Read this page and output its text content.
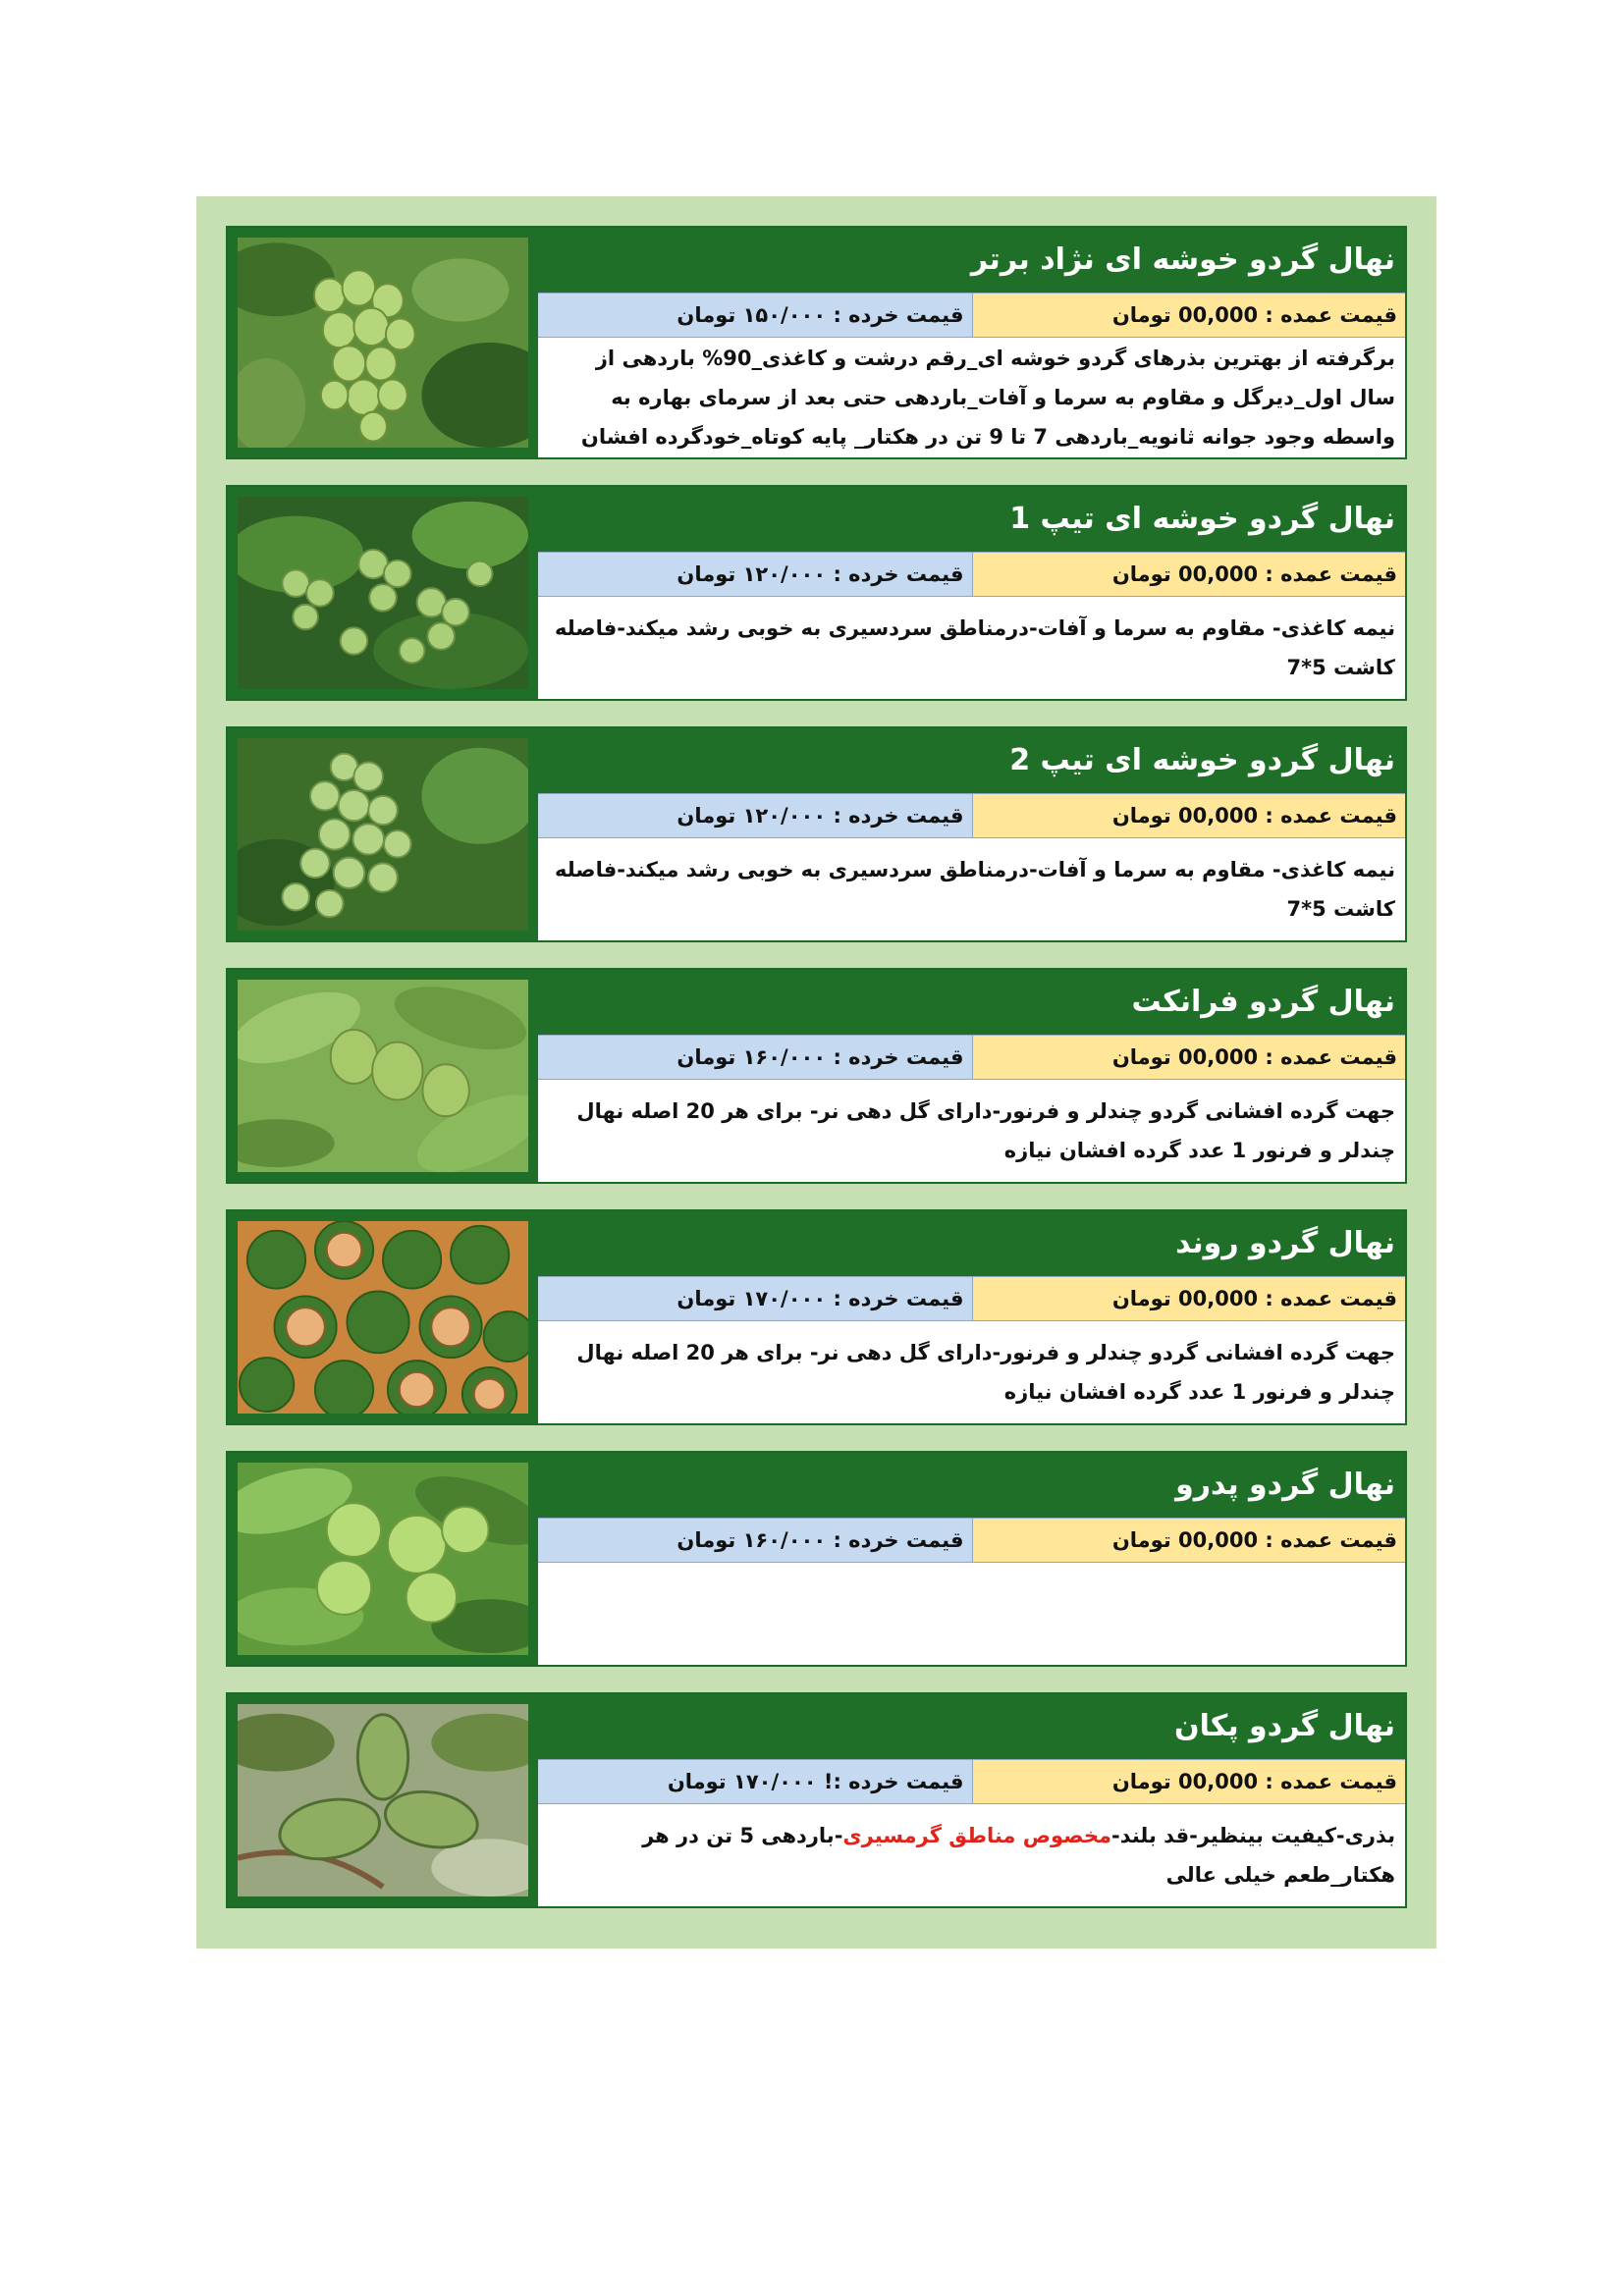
نهال گردو خوشه ای نژاد برتر
قیمت عمده : 00,000 تومان
قیمت خرده : ۱۵۰/۰۰۰ تومان
برگرفته از بهترین بذرهای گردو خوشه ای_رقم درشت و کاغذی_90% باردهی از سال اول_دیرگل و مقاوم به سرما و آفات_باردهی حتی بعد از سرمای بهاره به واسطه وجود جوانه ثانویه_باردهی 7 تا 9 تن در هکتار_ پایه کوتاه_خودگرده افشان
نهال گردو خوشه ای تیپ 1
قیمت عمده : 00,000 تومان
قیمت خرده : ۱۲۰/۰۰۰ تومان
نیمه کاغذی- مقاوم به سرما و آفات-درمناطق سردسیری به خوبی رشد میکند-فاصله کاشت 5*7
نهال گردو خوشه ای تیپ 2
قیمت عمده : 00,000 تومان
قیمت خرده : ۱۲۰/۰۰۰ تومان
نیمه کاغذی- مقاوم به سرما و آفات-درمناطق سردسیری به خوبی رشد میکند-فاصله کاشت 5*7
نهال گردو فرانکت
قیمت عمده : 00,000 تومان
قیمت خرده : ۱۶۰/۰۰۰ تومان
جهت گرده افشانی گردو چندلر و فرنور-دارای گل دهی نر- برای هر 20 اصله نهال چندلر و فرنور 1 عدد گرده افشان نیازه
نهال گردو روند
قیمت عمده : 00,000 تومان
قیمت خرده : ۱۷۰/۰۰۰ تومان
جهت گرده افشانی گردو چندلر و فرنور-دارای گل دهی نر- برای هر 20 اصله نهال چندلر و فرنور 1 عدد گرده افشان نیازه
نهال گردو پدرو
قیمت عمده : 00,000 تومان
قیمت خرده : ۱۶۰/۰۰۰ تومان
نهال گردو پکان
قیمت عمده : 00,000 تومان
قیمت خرده :! ۱۷۰/۰۰۰ تومان
بذری-کیفیت بینظیر-قد بلند-مخصوص مناطق گرمسیری-باردهی 5 تن در هر هکتار_طعم خیلی عالی
